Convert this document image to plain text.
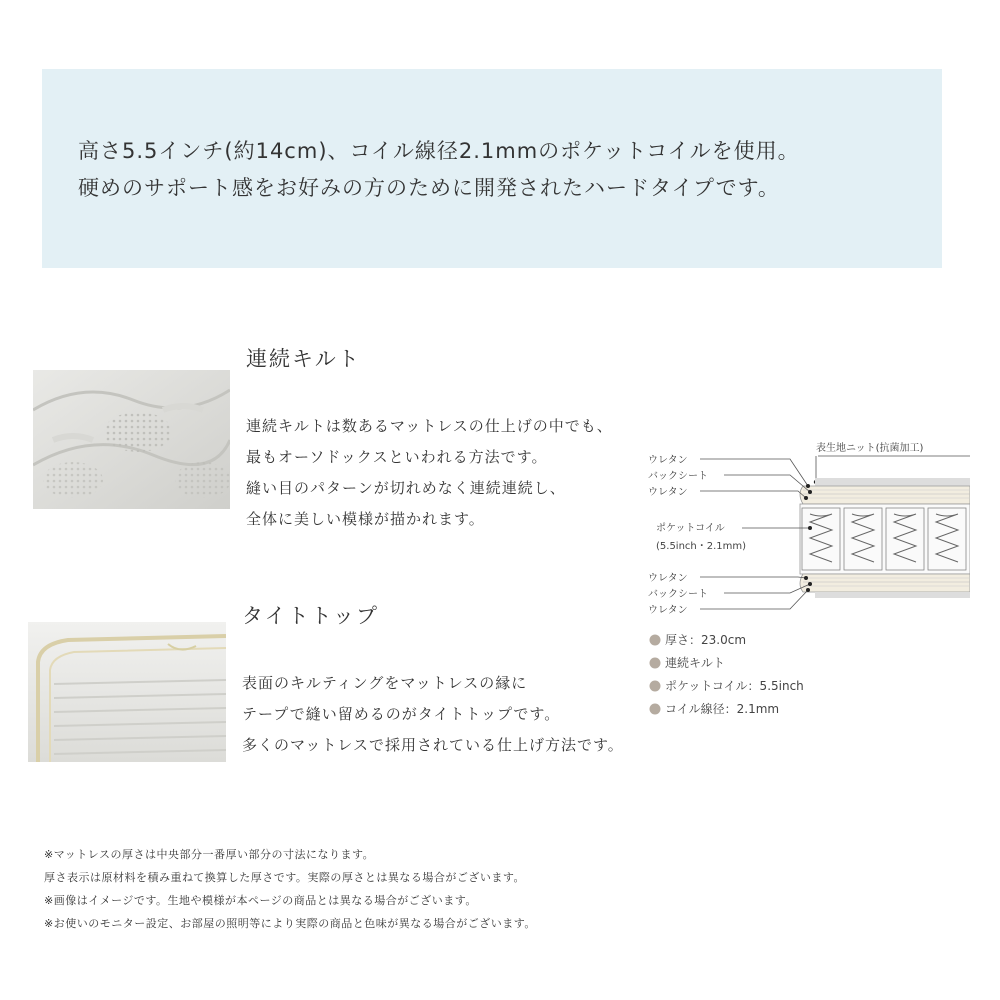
高さ5.5インチ(約14cm)、コイル線径2.1mmのポケットコイルを使用。

硬めのサポート感をお好みの方のために開発されたハードタイプです。

連続キルト

連続キルトは数あるマットレスの仕上げの中でも、

最もオーソドックスといわれる方法です。

縫い目のパターンが切れめなく連続連続し、

全体に美しい模様が描かれます。

タイトトップ

表面のキルティングをマットレスの縁に

テープで縫い留めるのがタイトトップです。

多くのマットレスで採用されている仕上げ方法です。

表生地ニット(抗菌加工)
ウレタン
バックシート
ウレタン
ポケットコイル
(5.5inch・2.1mm)
ウレタン
バックシート
ウレタン
厚さ：23.0cm
連続キルト
ポケットコイル：5.5inch
コイル線径：2.1mm

※マットレスの厚さは中央部分一番厚い部分の寸法になります。

厚さ表示は原材料を積み重ねて換算した厚さです。実際の厚さとは異なる場合がございます。

※画像はイメージです。生地や模様が本ページの商品とは異なる場合がございます。

※お使いのモニター設定、お部屋の照明等により実際の商品と色味が異なる場合がございます。
